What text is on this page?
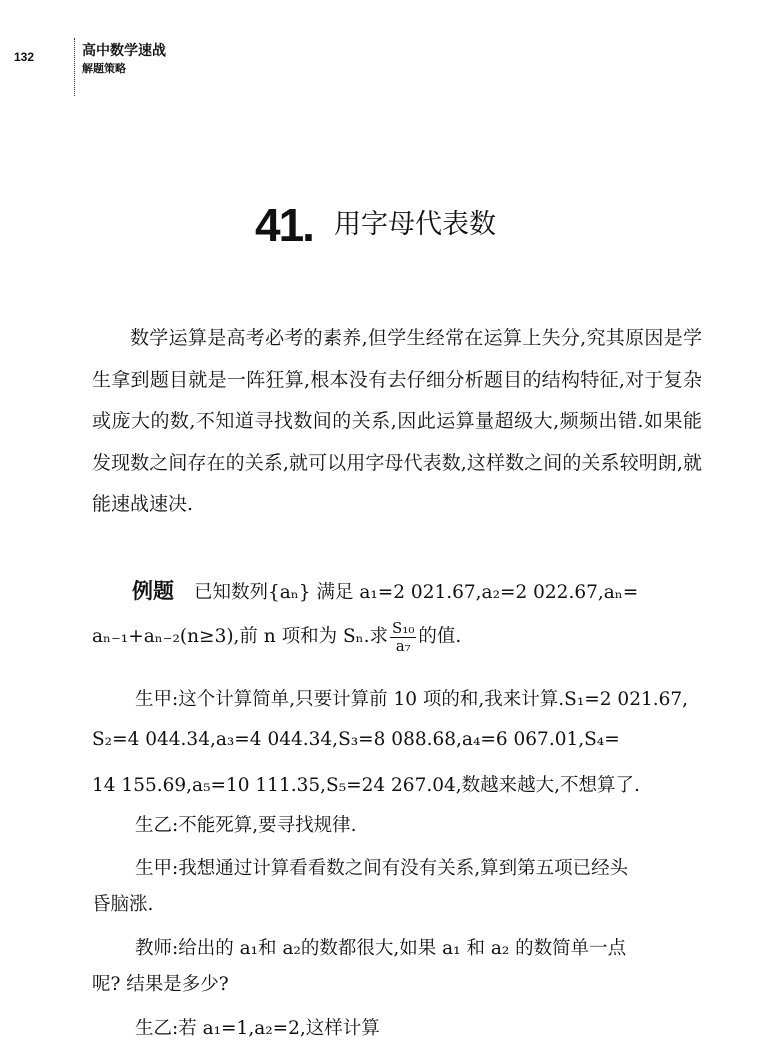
132	高中数学速战
解题策略
41. 用字母代表数

数学运算是高考必考的素养,但学生经常在运算上失分,究其原因是学生拿到题目就是一阵狂算,根本没有去仔细分析题目的结构特征,对于复杂或庞大的数,不知道寻找数间的关系,因此运算量超级大,频频出错.如果能发现数之间存在的关系,就可以用字母代表数,这样数之间的关系较明朗,就能速战速决.

例题 已知数列{aₙ} 满足 a₁=2 021.67,a₂=2 022.67,aₙ=
aₙ₋₁+aₙ₋₂(n≥3),前 n 项和为 Sₙ.求 $\frac{\text{S₁₀}}{\text{a₇}}$ 的值.
生甲:这个计算简单,只要计算前 10 项的和,我来计算.S₁=2 021.67,
S₂=4 044.34,a₃=4 044.34,S₃=8 088.68,a₄=6 067.01,S₄=
14 155.69,a₅=10 111.35,S₅=24 267.04,数越来越大,不想算了.
生乙:不能死算,要寻找规律.
生甲:我想通过计算看看数之间有没有关系,算到第五项已经头
昏脑涨.
教师:给出的 a₁和 a₂的数都很大,如果 a₁ 和 a₂ 的数简单一点
呢? 结果是多少?
生乙:若 a₁=1,a₂=2,这样计算
